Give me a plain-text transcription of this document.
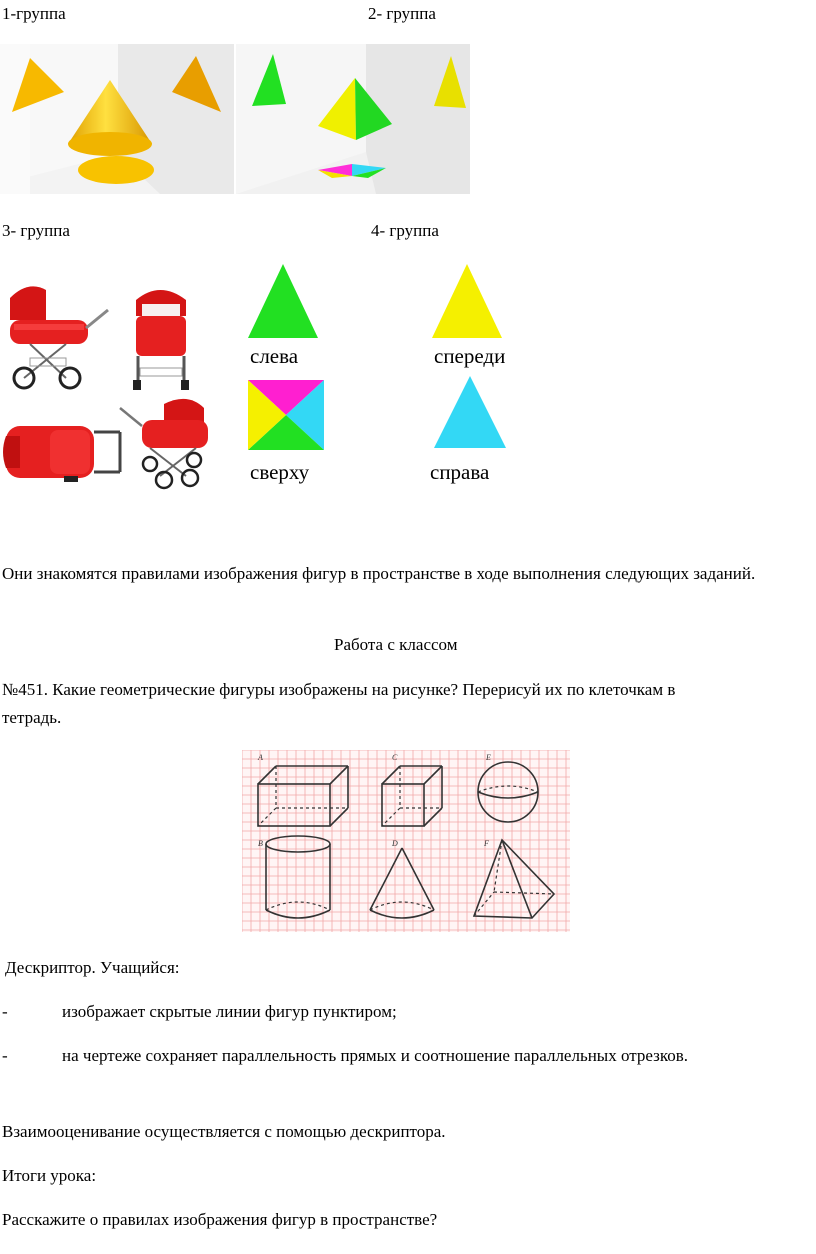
1-группа	2- группа
3- группа	4- группа
слева	спереди
сверху	справа
Они знакомятся правилами изображения фигур в пространстве в ходе выполнения следующих заданий.
Работа с классом
№451. Какие геометрические фигуры изображены на рисунке? Перерисуй их по клеточкам в тетрадь.
A	C	E
B	D	F
Дескриптор. Учащийся:
-	изображает скрытые линии фигур пунктиром;
-	на чертеже сохраняет параллельность прямых и соотношение параллельных отрезков.
Взаимооценивание осуществляется с помощью дескриптора.
Итоги урока:
Расскажите о правилах изображения фигур в пространстве?
